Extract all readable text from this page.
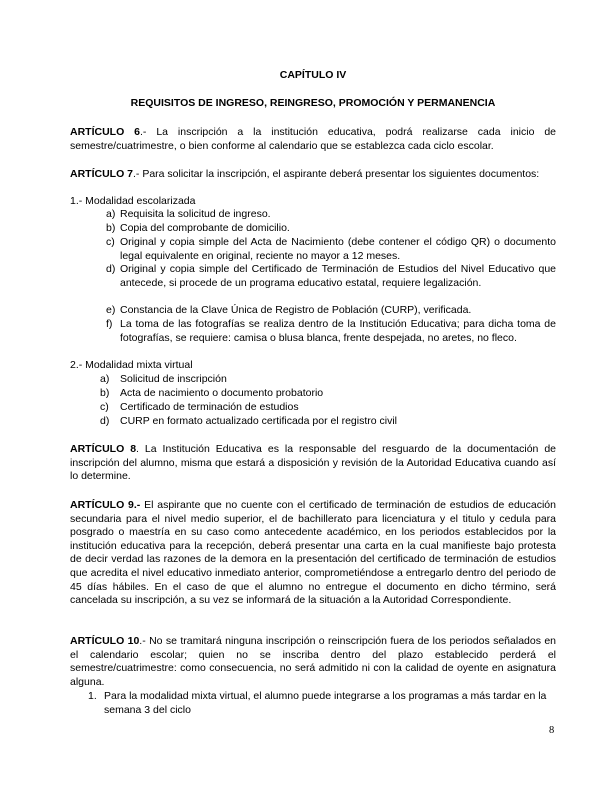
CAPÍTULO IV
REQUISITOS DE INGRESO, REINGRESO, PROMOCIÓN Y PERMANENCIA

ARTÍCULO 6.- La inscripción a la institución educativa, podrá realizarse cada inicio de semestre/cuatrimestre, o bien conforme al calendario que se establezca cada ciclo escolar.

ARTÍCULO 7.- Para solicitar la inscripción, el aspirante deberá presentar los siguientes documentos:

1.- Modalidad escolarizada
a) Requisita la solicitud de ingreso.
b) Copia del comprobante de domicilio.
c) Original y copia simple del Acta de Nacimiento (debe contener el código QR) o documento legal equivalente en original, reciente no mayor a 12 meses.
d) Original y copia simple del Certificado de Terminación de Estudios del Nivel Educativo que antecede, si procede de un programa educativo estatal, requiere legalización.
e) Constancia de la Clave Única de Registro de Población (CURP), verificada.
f) La toma de las fotografías se realiza dentro de la Institución Educativa; para dicha toma de fotografías, se requiere: camisa o blusa blanca, frente despejada, no aretes, no fleco.
2.- Modalidad mixta virtual
a) Solicitud de inscripción
b) Acta de nacimiento o documento probatorio
c) Certificado de terminación de estudios
d) CURP en formato actualizado certificada por el registro civil

ARTÍCULO 8. La Institución Educativa es la responsable del resguardo de la documentación de inscripción del alumno, misma que estará a disposición y revisión de la Autoridad Educativa cuando así lo determine.

ARTÍCULO 9.- El aspirante que no cuente con el certificado de terminación de estudios de educación secundaria para el nivel medio superior, el de bachillerato para licenciatura y el titulo y cedula para posgrado o maestría en su caso como antecedente académico, en los periodos establecidos por la institución educativa para la recepción, deberá presentar una carta en la cual manifieste bajo protesta de decir verdad las razones de la demora en la presentación del certificado de terminación de estudios que acredita el nivel educativo inmediato anterior, comprometiéndose a entregarlo dentro del periodo de 45 días hábiles. En el caso de que el alumno no entregue el documento en dicho término, será cancelada su inscripción, a su vez se informará de la situación a la Autoridad Correspondiente.

ARTÍCULO 10.- No se tramitará ninguna inscripción o reinscripción fuera de los periodos señalados en el calendario escolar; quien no se inscriba dentro del plazo establecido perderá el semestre/cuatrimestre: como consecuencia, no será admitido ni con la calidad de oyente en asignatura alguna.

1. Para la modalidad mixta virtual, el alumno puede integrarse a los programas a más tardar en la semana 3 del ciclo
8
